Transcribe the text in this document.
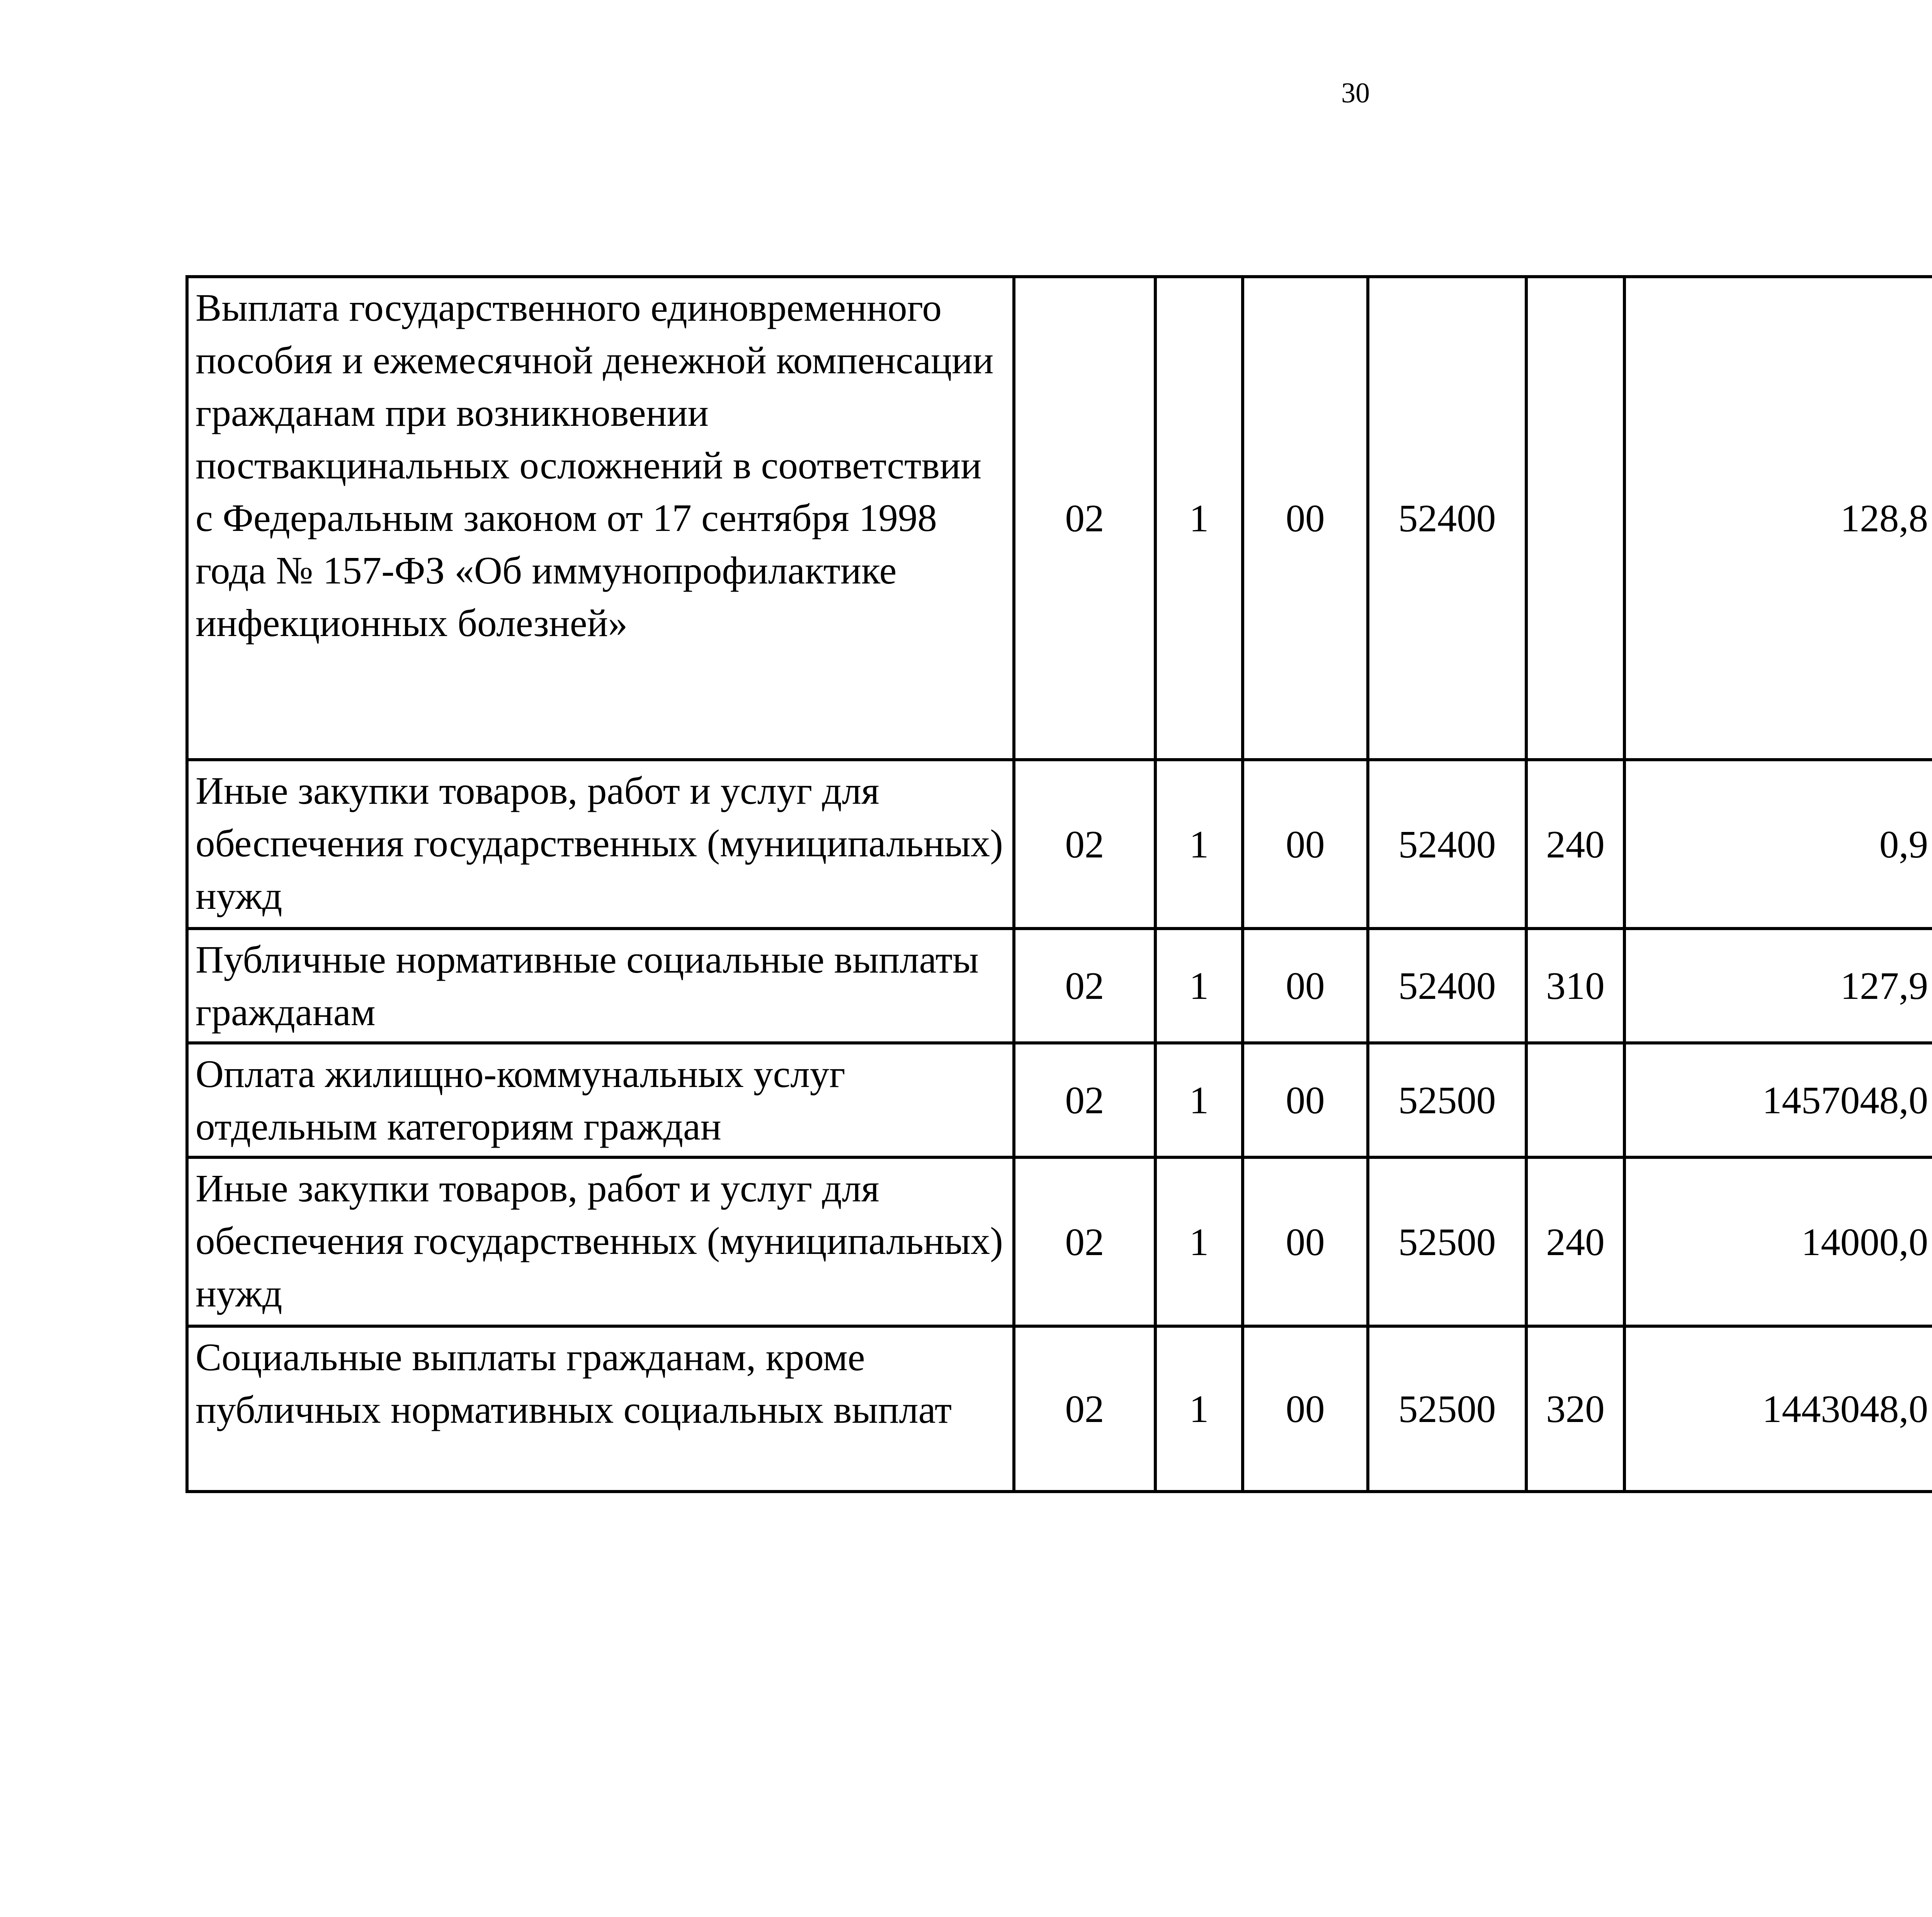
30
Выплата государственного единовременного пособия и ежемесячной денежной компенсации гражданам при возникновении поствакцинальных осложнений в соответствии с Федеральным законом от 17 сентября 1998 года № 157-ФЗ «Об иммунопрофилактике инфекционных болезней»	02	1	00	52400		128,8		
Иные закупки товаров, работ и услуг для обеспечения государственных (муниципальных) нужд	02	1	00	52400	240	0,9		
Публичные нормативные социальные выплаты гражданам	02	1	00	52400	310	127,9		
Оплата жилищно-коммунальных услуг отдельным категориям граждан	02	1	00	52500		1457048,0		
Иные закупки товаров, работ и услуг для обеспечения государственных (муниципальных) нужд	02	1	00	52500	240	14000,0		
Социальные выплаты гражданам, кроме публичных нормативных социальных выплат	02	1	00	52500	320	1443048,0		
